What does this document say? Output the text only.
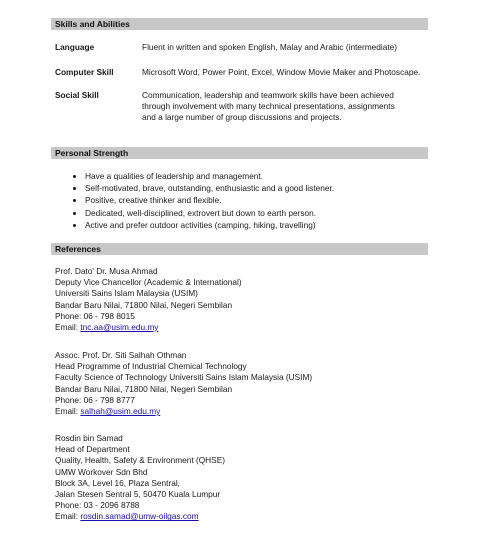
Skills and Abilities
Language	Fluent in written and spoken English, Malay and Arabic (intermediate)
Computer Skill	Microsoft Word, Power Point, Excel, Window Movie Maker and Photoscape.
Social Skill	Communication, leadership and teamwork skills have been achieved
through involvement with many technical presentations, assignments
and a large number of group discussions and projects.
Personal Strength
• Have a qualities of leadership and management.
• Self-motivated, brave, outstanding, enthusiastic and a good listener.
• Positive, creative thinker and flexible.
• Dedicated, well-disciplined, extrovert but down to earth person.
• Active and prefer outdoor activities (camping, hiking, travelling)
References
Prof. Dato' Dr. Musa Ahmad
Deputy Vice Chancellor (Academic & International)
Universiti Sains Islam Malaysia (USIM)
Bandar Baru Nilai, 71800 Nilai, Negeri Sembilan
Phone: 06 - 798 8015
Email: tnc.aa@usim.edu.my
Assoc. Prof. Dr. Siti Salhah Othman
Head Programme of Industrial Chemical Technology
Faculty Science of Technology Universiti Sains Islam Malaysia (USIM)
Bandar Baru Nilai, 71800 Nilai, Negeri Sembilan
Phone: 06 - 798 8777
Email: salhah@usim.edu.my
Rosdin bin Samad
Head of Department
Quality, Health, Safety & Environment (QHSE)
UMW Workover Sdn Bhd
Block 3A, Level 16, Plaza Sentral,
Jalan Stesen Sentral 5, 50470 Kuala Lumpur
Phone: 03 - 2096 8788
Email: rosdin.samad@umw-oilgas.com
